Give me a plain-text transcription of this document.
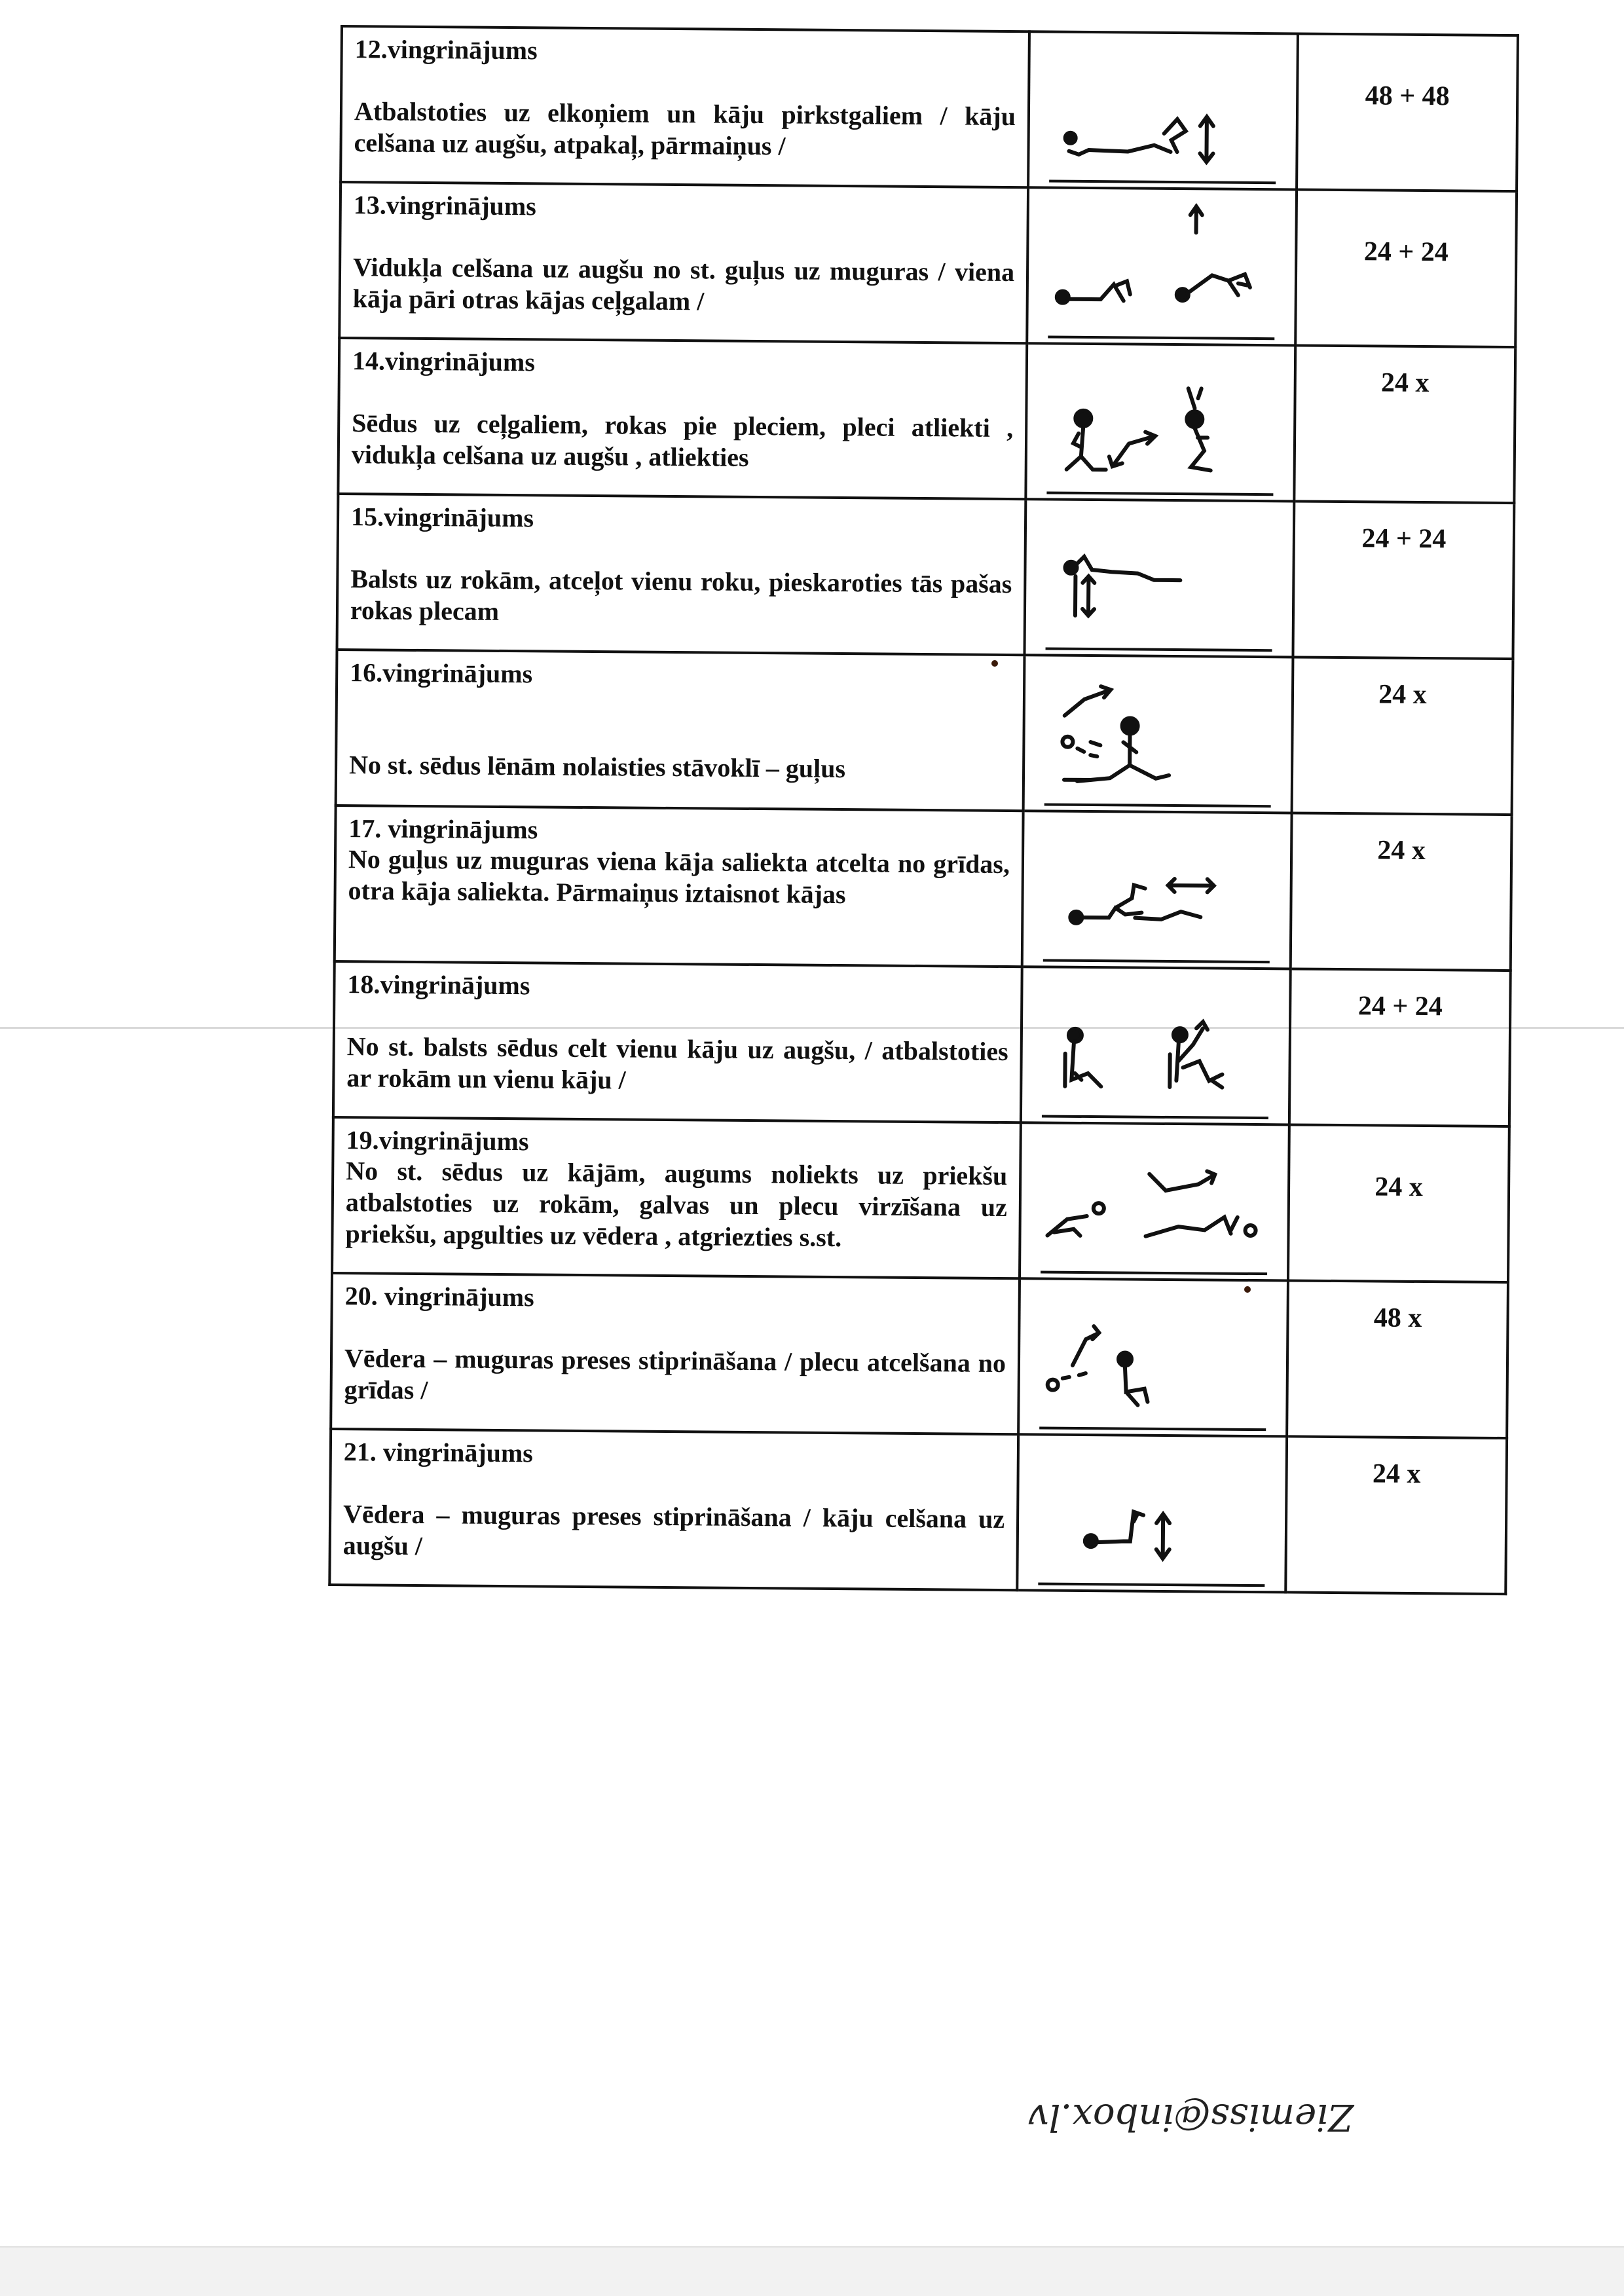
12.vingrinājums

Atbalstoties uz elkoņiem un kāju pirkstgaliem / kāju celšana uz augšu, atpakaļ, pārmaiņus /		48 + 48

13.vingrinājums

Vidukļa celšana uz augšu no st. guļus uz muguras / viena kāja pāri otras kājas ceļgalam /		24 + 24

14.vingrinājums

Sēdus uz ceļgaliem, rokas pie pleciem, pleci atliekti , vidukļa celšana uz augšu , atliekties		24 x

15.vingrinājums

Balsts uz rokām, atceļot vienu roku, pieskaroties tās pašas rokas plecam		24 + 24

16.vingrinājums

No st. sēdus lēnām nolaisties stāvoklī – guļus		24 x

17. vingrinājums

No guļus uz muguras viena kāja saliekta atcelta no grīdas, otra kāja saliekta. Pārmaiņus iztaisnot kājas		24 x

18.vingrinājums

No st. balsts sēdus celt vienu kāju uz augšu, / atbalstoties ar rokām un vienu kāju /		24 + 24

19.vingrinājums

No st. sēdus uz kājām, augums noliekts uz priekšu atbalstoties uz rokām, galvas un plecu virzīšana uz priekšu, apgulties uz vēdera , atgriezties s.st.		24 x

20. vingrinājums

Vēdera – muguras preses stiprināšana / plecu atcelšana no grīdas /		48 x

21. vingrinājums

Vēdera – muguras preses stiprināšana / kāju celšana uz augšu /		24 x
Ziemiss@inbox.lv
